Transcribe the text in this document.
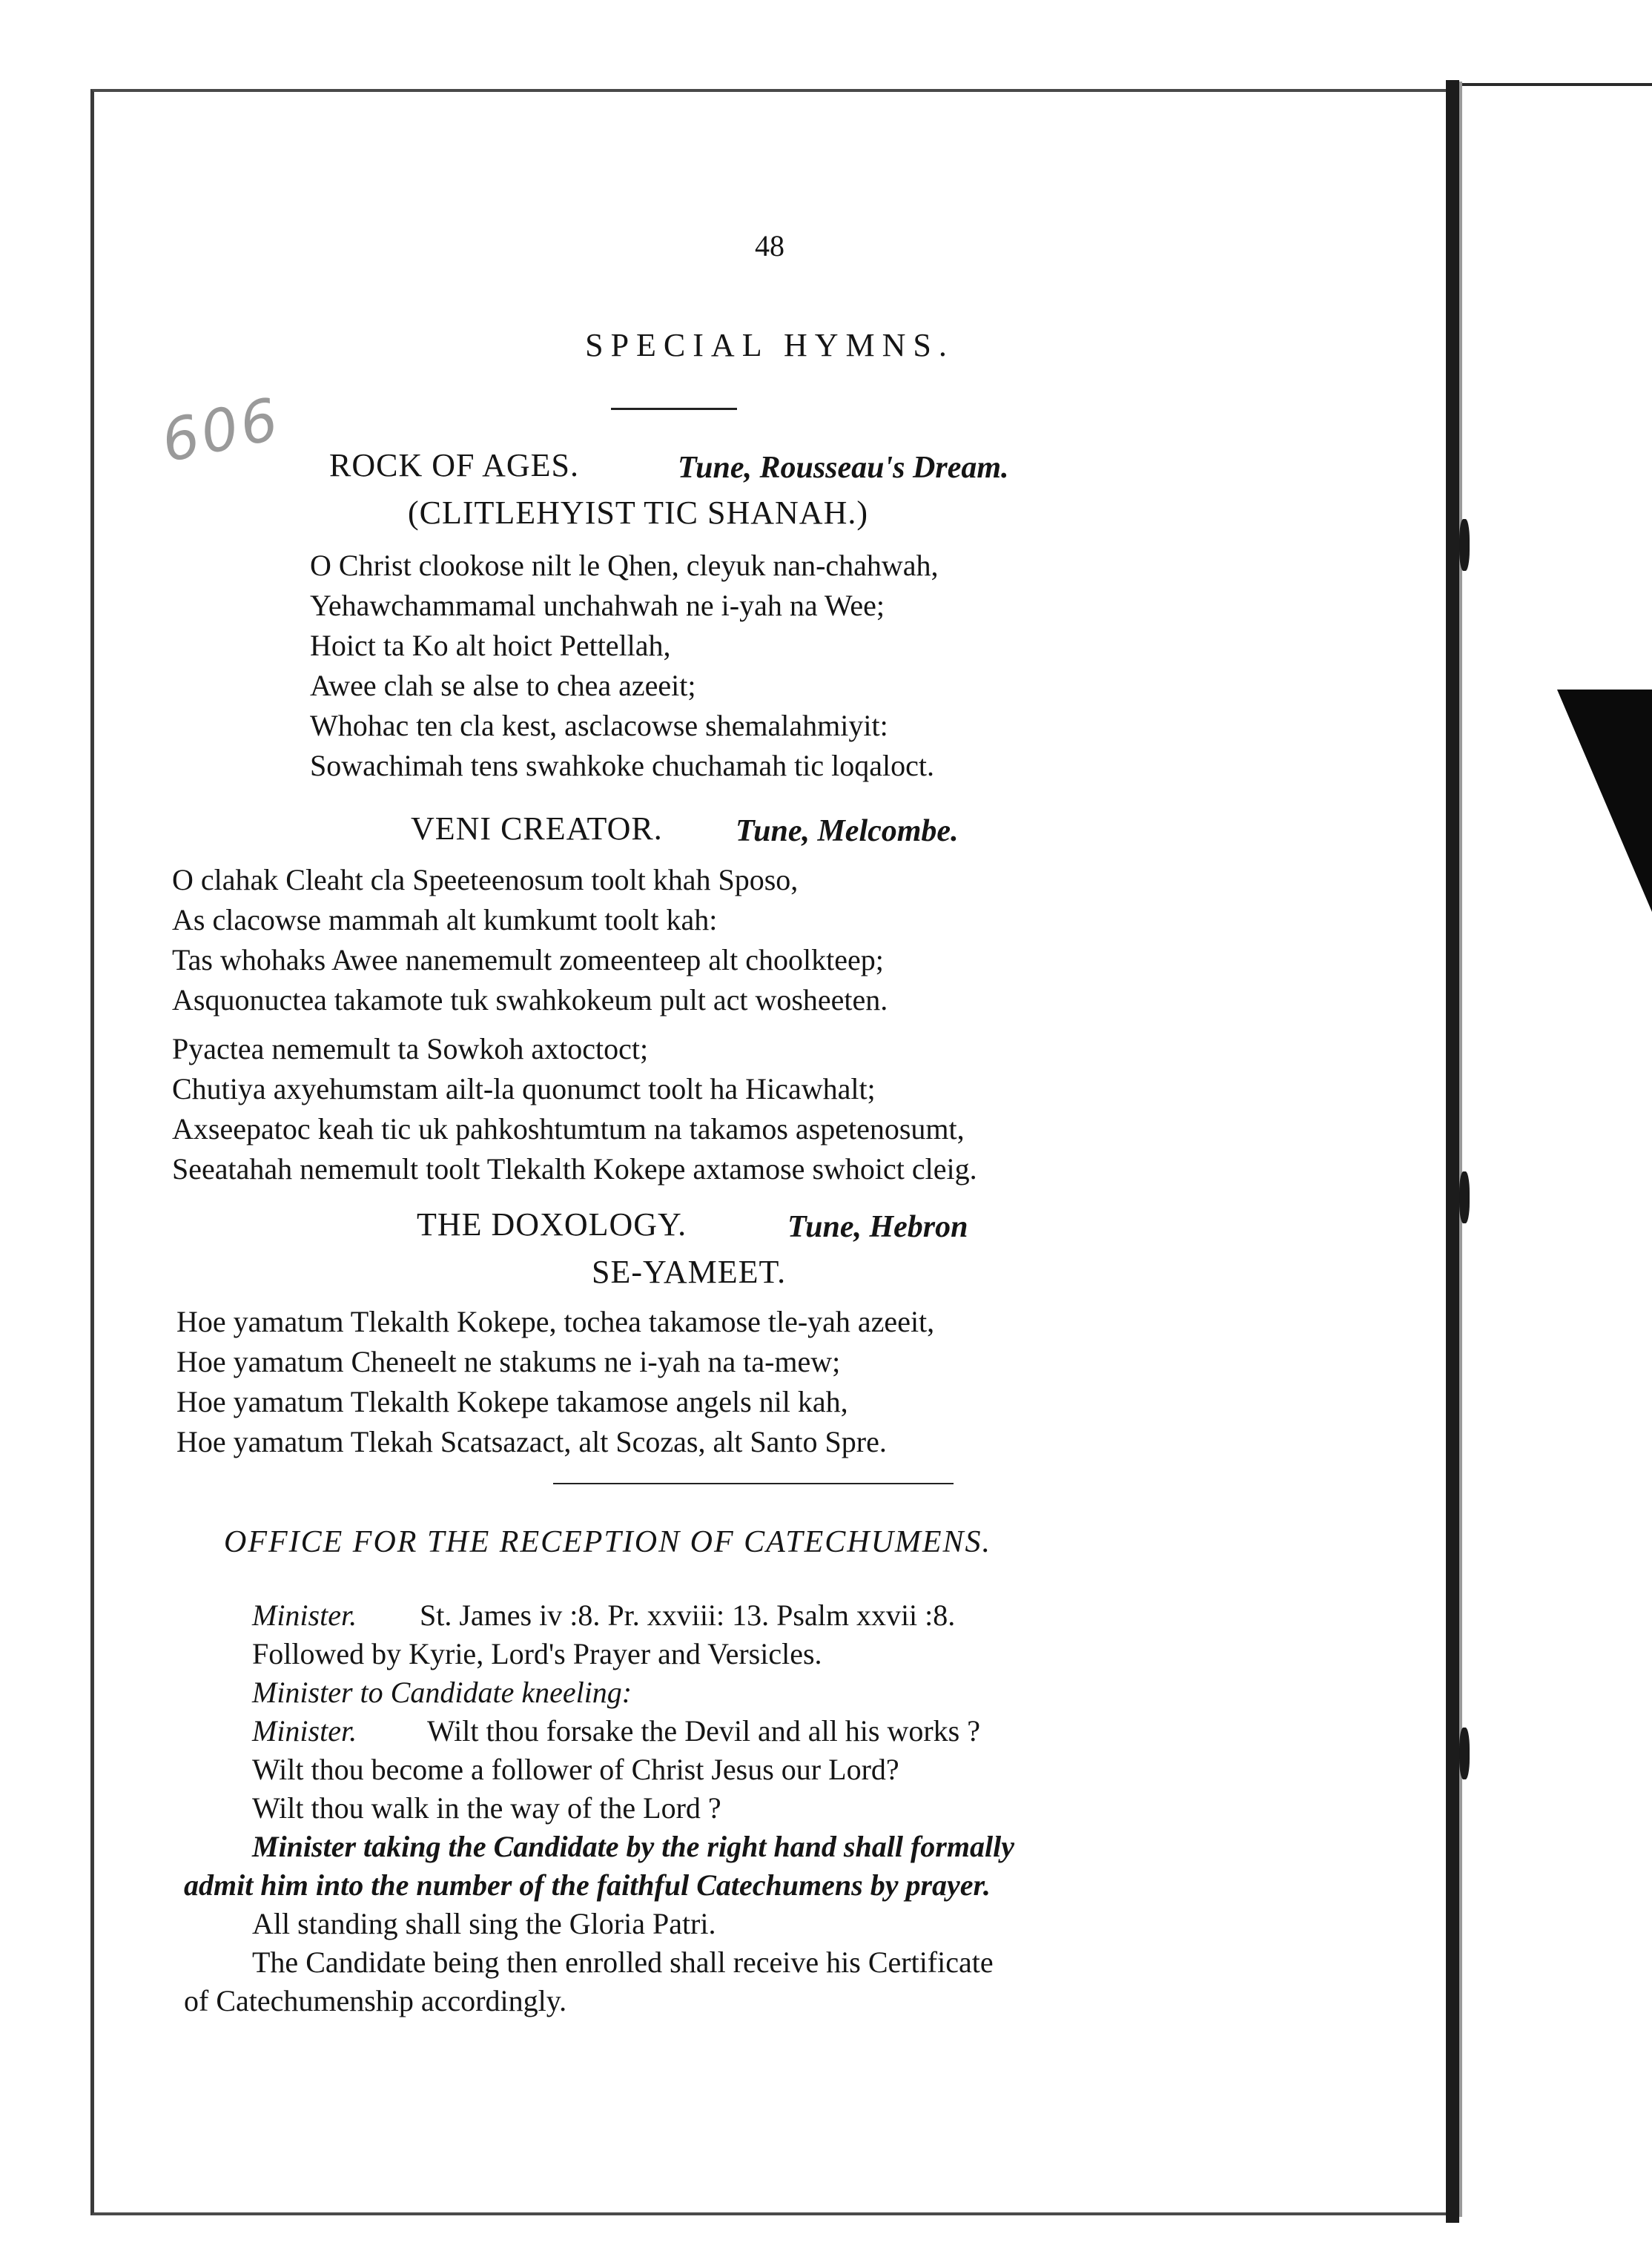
48
SPECIAL HYMNS.
606 ROCK OF AGES.	Tune, Rousseau's Dream.
(CLITLEHYIST TIC SHANAH.)
O Christ clookose nilt le Qhen, cleyuk nan-chahwah,
Yehawchammamal unchahwah ne i-yah na Wee;
Hoict ta Ko alt hoict Pettellah,
Awee clah se alse to chea azeeit;
Whohac ten cla kest, asclacowse shemalahmiyit:
Sowachimah tens swahkoke chuchamah tic loqaloct.
VENI CREATOR. Tune, Melcombe.
O clahak Cleaht cla Speeteenosum toolt khah Sposo,
As clacowse mammah alt kumkumt toolt kah:
Tas whohaks Awee nanememult zomeenteep alt choolkteep;
Asquonuctea takamote tuk swahkokeum pult act wosheeten.
Pyactea nememult ta Sowkoh axtoctoct;
Chutiya axyehumstam ailt-la quonumct toolt ha Hicawhalt;
Axseepatoc keah tic uk pahkoshtumtum na takamos aspetenosumt,
Seeatahah nememult toolt Tlekalth Kokepe axtamose swhoict cleig.
THE DOXOLOGY.	Tune, Hebron
SE-YAMEET.
Hoe yamatum Tlekalth Kokepe, tochea takamose tle-yah azeeit,
Hoe yamatum Cheneelt ne stakums ne i-yah na ta-mew;
Hoe yamatum Tlekalth Kokepe takamose angels nil kah,
Hoe yamatum Tlekah Scatsazact, alt Scozas, alt Santo Spre.
OFFICE FOR THE RECEPTION OF CATECHUMENS.
Minister. St. James iv :8. Pr. xxviii: 13. Psalm xxvii :8.
Followed by Kyrie, Lord's Prayer and Versicles.
Minister to Candidate kneeling:
Minister. Wilt thou forsake the Devil and all his works ?
Wilt thou become a follower of Christ Jesus our Lord?
Wilt thou walk in the way of the Lord ?
Minister taking the Candidate by the right hand shall formally
admit him into the number of the faithful Catechumens by prayer.
All standing shall sing the Gloria Patri.
The Candidate being then enrolled shall receive his Certificate
of Catechumenship accordingly.
